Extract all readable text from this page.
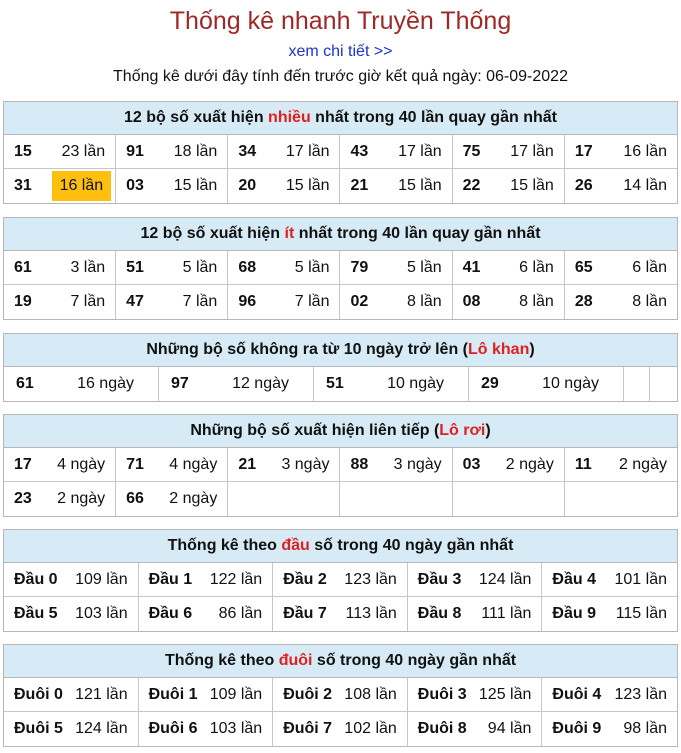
Thống kê nhanh Truyền Thống
xem chi tiết >>
Thống kê dưới đây tính đến trước giờ kết quả ngày: 06-09-2022
12 bộ số xuất hiện nhiều nhất trong 40 lần quay gần nhất
15 23 lần 91 18 lần 34 17 lần 43 17 lần 75 17 lần 17 16 lần
31	16 lần	03 15 lần 20 15 lần 21 15 lần 22 15 lần 26 14 lần
12 bộ số xuất hiện ít nhất trong 40 lần quay gần nhất
61 3 lần 51 5 lần 68 5 lần 79 5 lần 41 6 lần 65 6 lần
19 7 lần 47 7 lần 96 7 lần 02 8 lần 08 8 lần 28 8 lần
Những bộ số không ra từ 10 ngày trở lên (Lô khan)
61	16 ngày 97	12 ngày 51	10 ngày 29	10 ngày
Những bộ số xuất hiện liên tiếp (Lô rơi)
17 4 ngày 71 4 ngày 21 3 ngày 88 3 ngày 03 2 ngày 11 2 ngày
23 2 ngày 66 2 ngày
Thống kê theo đầu số trong 40 ngày gần nhất
Đầu 0 109 lần Đầu 1 122 lần Đầu 2 123 lần Đầu 3 124 lần Đầu 4 101 lần
Đầu 5 103 lần Đầu 6 86 lần Đầu 7 113 lần Đầu 8 111 lần Đầu 9 115 lần
Thống kê theo đuôi số trong 40 ngày gần nhất
Đuôi 0 121 lần Đuôi 1 109 lần Đuôi 2 108 lần Đuôi 3 125 lần Đuôi 4 123 lần
Đuôi 5 124 lần Đuôi 6 103 lần Đuôi 7 102 lần Đuôi 8 94 lần Đuôi 9 98 lần
